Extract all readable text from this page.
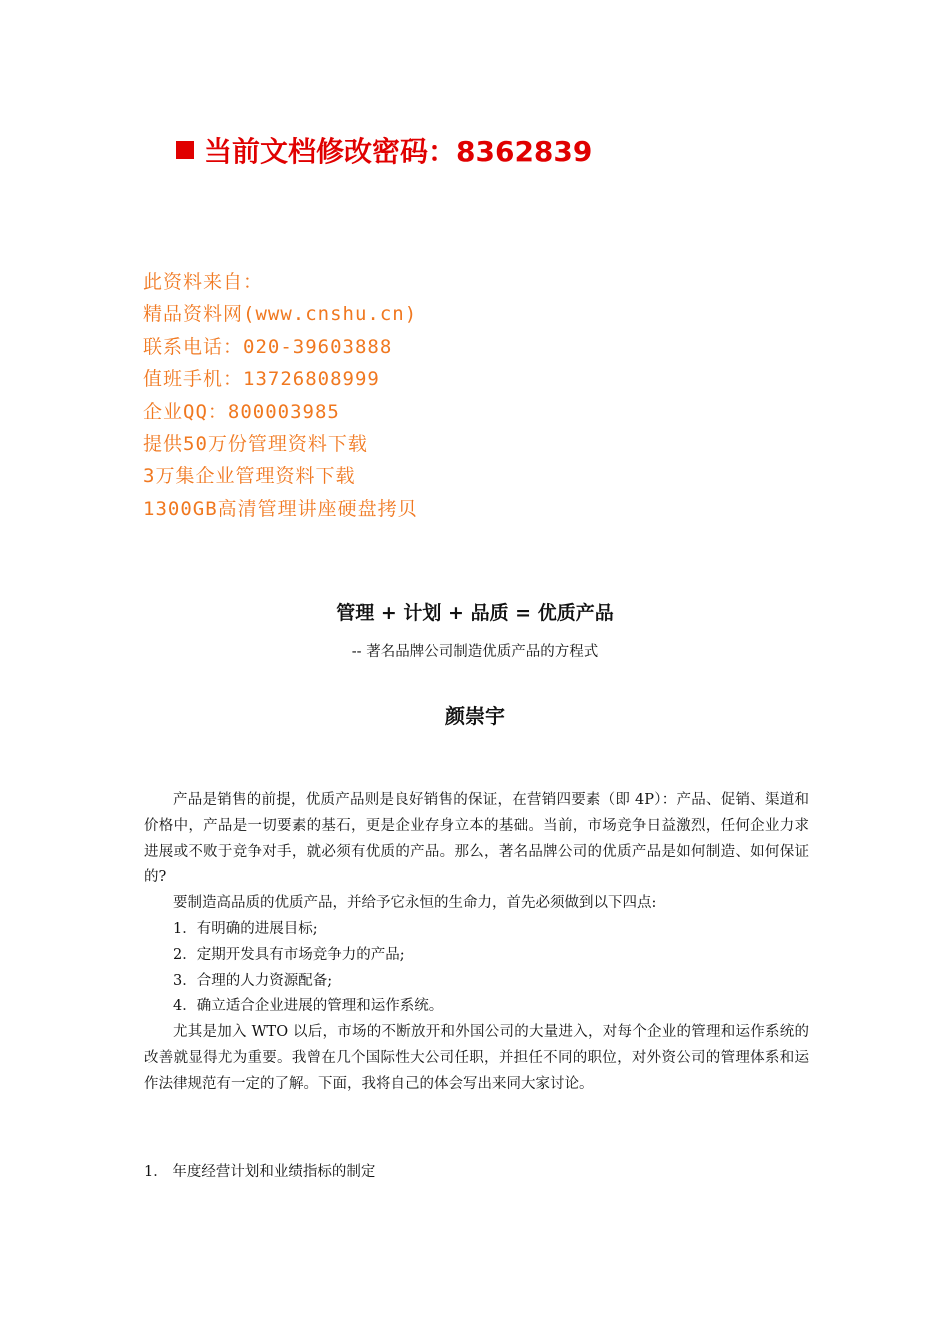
当前文档修改密码：8362839
此资料来自：
精品资料网(www.cnshu.cn)
联系电话：020-39603888
值班手机：13726808999
企业QQ：800003985
提供50万份管理资料下载
3万集企业管理资料下载
1300GB高清管理讲座硬盘拷贝
管理 + 计划 + 品质 = 优质产品
-- 著名品牌公司制造优质产品的方程式
颜崇宇

产品是销售的前提，优质产品则是良好销售的保证，在营销四要素（即 4P）：产品、促销、渠道和价格中，产品是一切要素的基石，更是企业存身立本的基础。当前，市场竞争日益激烈，任何企业力求进展或不败于竞争对手，就必须有优质的产品。那么，著名品牌公司的优质产品是如何制造、如何保证的?

要制造高品质的优质产品，并给予它永恒的生命力，首先必须做到以下四点:

1．有明确的进展目标;
2．定期开发具有市场竞争力的产品;
3．合理的人力资源配备;
4．确立适合企业进展的管理和运作系统。

尤其是加入 WTO 以后，市场的不断放开和外国公司的大量进入，对每个企业的管理和运作系统的改善就显得尤为重要。我曾在几个国际性大公司任职，并担任不同的职位，对外资公司的管理体系和运作法律规范有一定的了解。下面，我将自己的体会写出来同大家讨论。

1． 年度经营计划和业绩指标的制定
